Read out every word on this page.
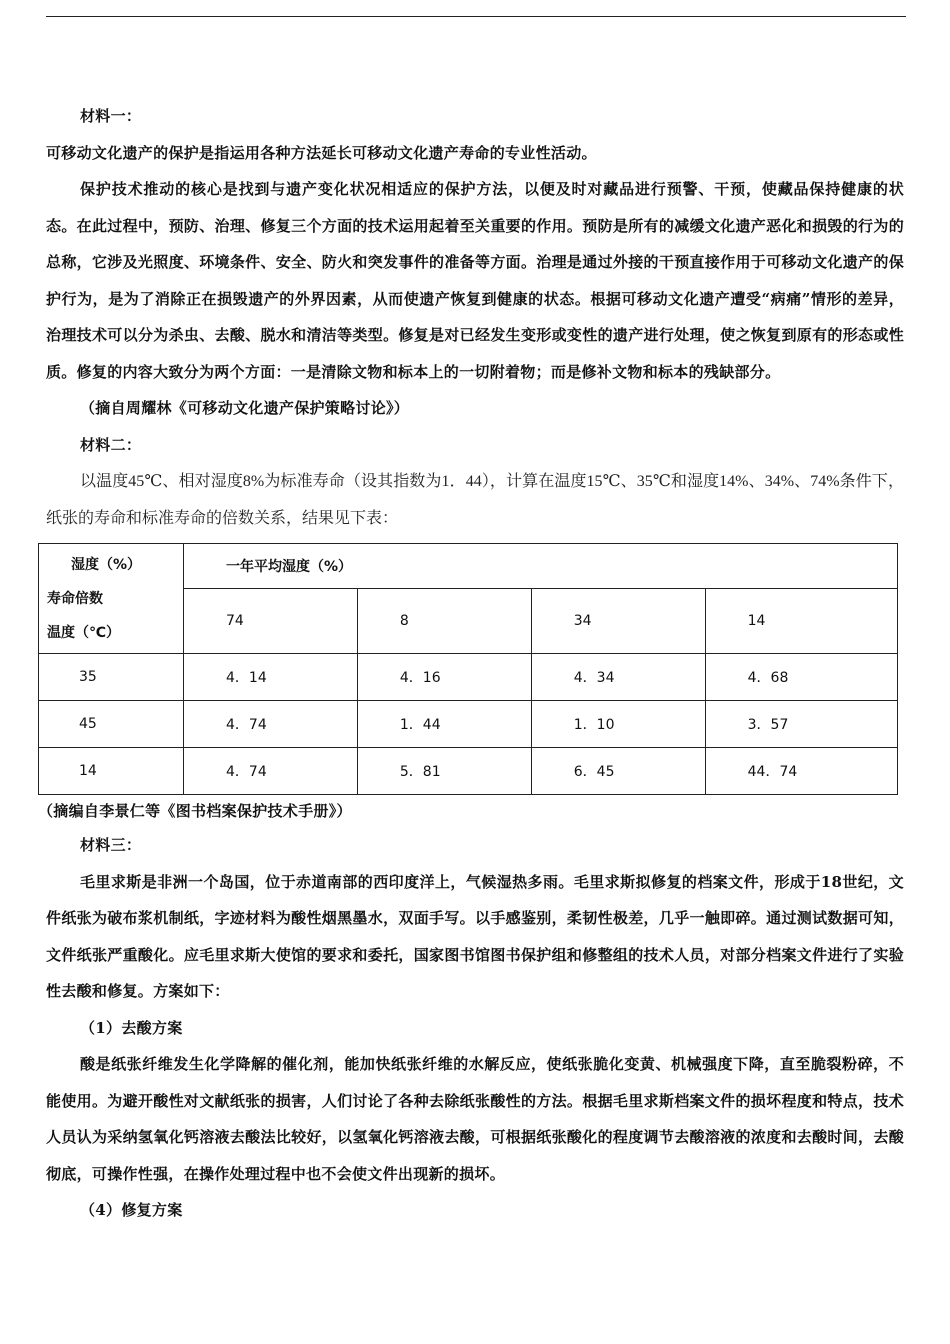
材料一：
可移动文化遗产的保护是指运用各种方法延长可移动文化遗产寿命的专业性活动。
保护技术推动的核心是找到与遗产变化状况相适应的保护方法，以便及时对藏品进行预警、干预，使藏品保持健康的状态。在此过程中，预防、治理、修复三个方面的技术运用起着至关重要的作用。预防是所有的减缓文化遗产恶化和损毁的行为的总称，它涉及光照度、环境条件、安全、防火和突发事件的准备等方面。治理是通过外接的干预直接作用于可移动文化遗产的保护行为，是为了消除正在损毁遗产的外界因素，从而使遗产恢复到健康的状态。根据可移动文化遗产遭受“病痛”情形的差异，治理技术可以分为杀虫、去酸、脱水和清洁等类型。修复是对已经发生变形或变性的遗产进行处理，使之恢复到原有的形态或性质。修复的内容大致分为两个方面：一是清除文物和标本上的一切附着物；而是修补文物和标本的残缺部分。
（摘自周耀林《可移动文化遗产保护策略讨论》）
材料二：
以温度45℃、相对湿度8%为标准寿命（设其指数为1．44），计算在温度15℃、35℃和湿度14%、34%、74%条件下，纸张的寿命和标准寿命的倍数关系，结果见下表：
湿度（%）
寿命倍数
温度（℃）	一年平均湿度（%）			
	74	8	34	14
35	4．14	4．16	4．34	4．68
45	4．74	1．44	1．10	3．57
14	4．74	5．81	6．45	44．74
（摘编自李景仁等《图书档案保护技术手册》）
材料三：
毛里求斯是非洲一个岛国，位于赤道南部的西印度洋上，气候湿热多雨。毛里求斯拟修复的档案文件，形成于18世纪，文件纸张为破布浆机制纸，字迹材料为酸性烟黑墨水，双面手写。以手感鉴别，柔韧性极差，几乎一触即碎。通过测试数据可知，文件纸张严重酸化。应毛里求斯大使馆的要求和委托，国家图书馆图书保护组和修整组的技术人员，对部分档案文件进行了实验性去酸和修复。方案如下：
（1）去酸方案
酸是纸张纤维发生化学降解的催化剂，能加快纸张纤维的水解反应，使纸张脆化变黄、机械强度下降，直至脆裂粉碎，不能使用。为避开酸性对文献纸张的损害，人们讨论了各种去除纸张酸性的方法。根据毛里求斯档案文件的损坏程度和特点，技术人员认为采纳氢氧化钙溶液去酸法比较好，以氢氧化钙溶液去酸，可根据纸张酸化的程度调节去酸溶液的浓度和去酸时间，去酸彻底，可操作性强，在操作处理过程中也不会使文件出现新的损坏。
（4）修复方案
